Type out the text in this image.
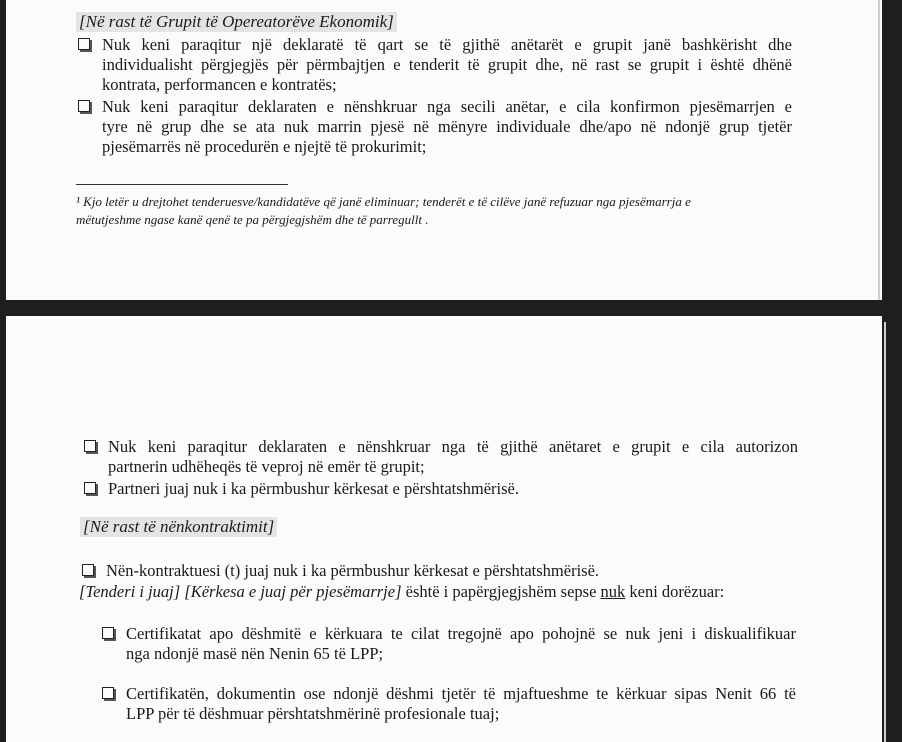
[Në rast të Grupit të Opereatorëve Ekonomik]
Nuk keni paraqitur një deklaratë të qart se të gjithë anëtarët e grupit janë bashkërisht dhe
individualisht përgjegjës për përmbajtjen e tenderit të grupit dhe, në rast se grupit i është dhënë
kontrata, performancen e kontratës;
Nuk keni paraqitur deklaraten e nënshkruar nga secili anëtar, e cila konfirmon pjesëmarrjen e
tyre në grup dhe se ata nuk marrin pjesë në mënyre individuale dhe/apo në ndonjë grup tjetër
pjesëmarrës në procedurën e njejtë të prokurimit;
¹ Kjo letër u drejtohet tenderuesve/kandidatëve që janë eliminuar; tenderët e të cilëve janë refuzuar nga pjesëmarrja e
mëtutjeshme ngase kanë qenë te pa përgjegjshëm dhe të parregullt .
Nuk keni paraqitur deklaraten e nënshkruar nga të gjithë anëtaret e grupit e cila autorizon
partnerin udhëheqës të veproj në emër të grupit;
Partneri juaj nuk i ka përmbushur kërkesat e përshtatshmërisë.
[Në rast të nënkontraktimit]
Nën-kontraktuesi (t) juaj nuk i ka përmbushur kërkesat e përshtatshmërisë.
[Tenderi i juaj] [Kërkesa e juaj për pjesëmarrje] është i papërgjegjshëm sepse nuk keni dorëzuar:
Certifikatat apo dëshmitë e kërkuara te cilat tregojnë apo pohojnë se nuk jeni i diskualifikuar
nga ndonjë masë nën Nenin 65 të LPP;
Certifikatën, dokumentin ose ndonjë dëshmi tjetër të mjaftueshme te kërkuar sipas Nenit 66 të
LPP për të dëshmuar përshtatshmërinë profesionale tuaj;
